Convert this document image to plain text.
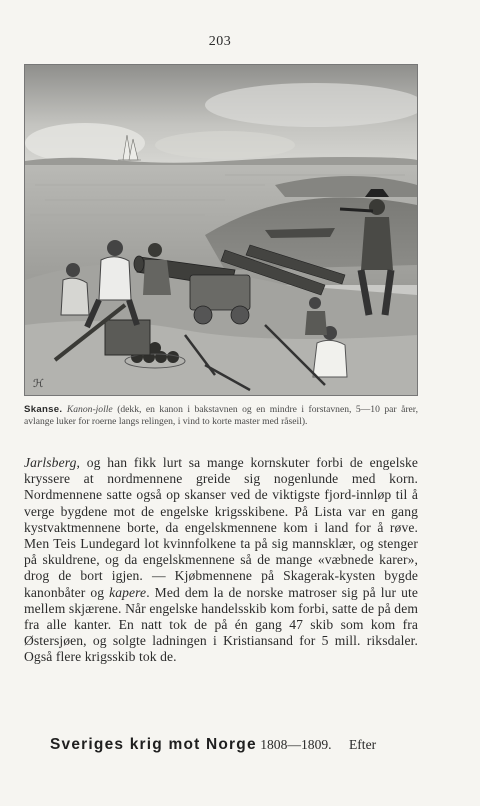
203
ℋ
Skanse. Kanon-jolle (dekk, en kanon i bakstavnen og en mindre i forstavnen, 5—10 par årer, avlange luker for roerne langs relingen, i vind to korte master med råseil).

Jarlsberg, og han fikk lurt sa mange kornskuter forbi de engelske kryssere at nordmennene greide sig nogenlunde med korn. Nordmennene satte også op skanser ved de viktigste fjord-innløp til å verge bygdene mot de engelske krigsskibene. På Lista var en gang kystvaktmennene borte, da engelskmennene kom i land for å røve. Men Teis Lundegard lot kvinnfolkene ta på sig mannsklær, og stenger på skuldrene, og da engelskmennene så de mange «væbnede karer», drog de bort igjen. — Kjøbmennene på Skagerak-kysten bygde kanonbåter og kapere. Med dem la de norske matroser sig på lur ute mellem skjærene. Når engelske handelsskib kom forbi, satte de på dem fra alle kanter. En natt tok de på én gang 47 skib som kom fra Østersjøen, og solgte ladningen i Kristiansand for 5 mill. riksdaler. Også flere krigsskib tok de.

Sveriges krig mot Norge 1808—1809. Efter
